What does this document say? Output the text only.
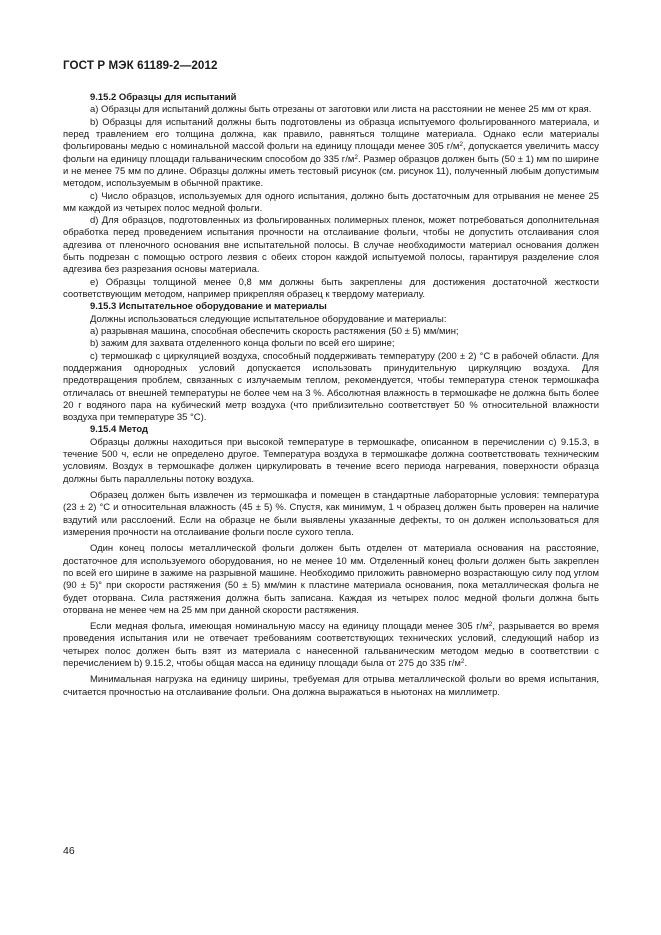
ГОСТ Р МЭК 61189-2—2012

9.15.2 Образцы для испытаний

а) Образцы для испытаний должны быть отрезаны от заготовки или листа на расстоянии не менее 25 мм от края.

b) Образцы для испытаний должны быть подготовлены из образца испытуемого фольгированного материала, и перед травлением его толщина должна, как правило, равняться толщине материала. Однако если материалы фольгированы медью с номинальной массой фольги на единицу площади менее 305 $г/м^2$, допускается увеличить массу фольги на единицу площади гальваническим способом до 335 $г/м^2$. Размер образцов должен быть (50 ± 1) мм по ширине и не менее 75 мм по длине. Образцы должны иметь тестовый рисунок (см. рисунок 11), полученный любым допустимым методом, используемым в обычной практике.

с) Число образцов, используемых для одного испытания, должно быть достаточным для отрывания не менее 25 мм каждой из четырех полос медной фольги.

d) Для образцов, подготовленных из фольгированных полимерных пленок, может потребоваться дополнительная обработка перед проведением испытания прочности на отслаивание фольги, чтобы не допустить отслаивания слоя адгезива от пленочного основания вне испытательной полосы. В случае необходимости материал основания должен быть подрезан с помощью острого лезвия с обеих сторон каждой испытуемой полосы, гарантируя разделение слоя адгезива без разрезания основы материала.

е) Образцы толщиной менее 0,8 мм должны быть закреплены для достижения достаточной жесткости соответствующим методом, например прикрепляя образец к твердому материалу.

9.15.3 Испытательное оборудование и материалы

Должны использоваться следующие испытательное оборудование и материалы:

а) разрывная машина, способная обеспечить скорость растяжения (50 ± 5) мм/мин;

b) зажим для захвата отделенного конца фольги по всей его ширине;

с) термошкаф с циркуляцией воздуха, способный поддерживать температуру (200 ± 2) °С в рабочей области. Для поддержания однородных условий допускается использовать принудительную циркуляцию воздуха. Для предотвращения проблем, связанных с излучаемым теплом, рекомендуется, чтобы температура стенок термошкафа отличалась от внешней температуры не более чем на 3 %. Абсолютная влажность в термошкафе не должна быть более 20 г водяного пара на кубический метр воздуха (что приблизительно соответствует 50 % относительной влажности воздуха при температуре 35 °С).

9.15.4 Метод

Образцы должны находиться при высокой температуре в термошкафе, описанном в перечислении с) 9.15.3, в течение 500 ч, если не определено другое. Температура воздуха в термошкафе должна соответствовать техническим условиям. Воздух в термошкафе должен циркулировать в течение всего периода нагревания, поверхности образца должны быть параллельны потоку воздуха.

Образец должен быть извлечен из термошкафа и помещен в стандартные лабораторные условия: температура (23 ± 2) °С и относительная влажность (45 ± 5) %. Спустя, как минимум, 1 ч образец должен быть проверен на наличие вздутий или расслоений. Если на образце не были выявлены указанные дефекты, то он должен использоваться для измерения прочности на отслаивание фольги после сухого тепла.

Один конец полосы металлической фольги должен быть отделен от материала основания на расстояние, достаточное для используемого оборудования, но не менее 10 мм. Отделенный конец фольги должен быть закреплен по всей его ширине в зажиме на разрывной машине. Необходимо приложить равномерно возрастающую силу под углом (90 ± 5)° при скорости растяжения (50 ± 5) мм/мин к пластине материала основания, пока металлическая фольга не будет оторвана. Сила растяжения должна быть записана. Каждая из четырех полос медной фольги должна быть оторвана не менее чем на 25 мм при данной скорости растяжения.

Если медная фольга, имеющая номинальную массу на единицу площади менее 305 $г/м^2$, разрывается во время проведения испытания или не отвечает требованиям соответствующих технических условий, следующий набор из четырех полос должен быть взят из материала с нанесенной гальваническим методом медью в соответствии с перечислением b) 9.15.2, чтобы общая масса на единицу площади была от 275 до 335 $г/м^2$.

Минимальная нагрузка на единицу ширины, требуемая для отрыва металлической фольги во время испытания, считается прочностью на отслаивание фольги. Она должна выражаться в ньютонах на миллиметр.

46
